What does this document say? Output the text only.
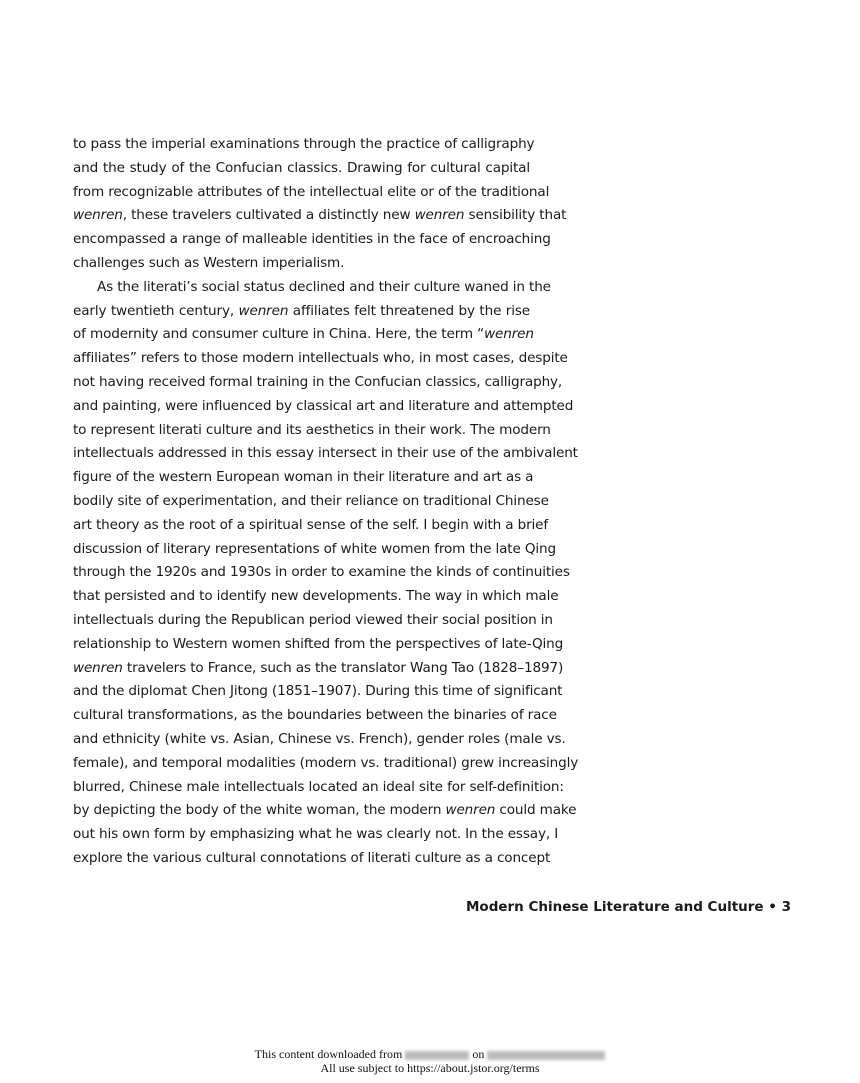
to pass the imperial examinations through the practice of calligraphy
and the study of the Confucian classics. Drawing for cultural capital
from recognizable attributes of the intellectual elite or of the traditional
wenren, these travelers cultivated a distinctly new wenren sensibility that
encompassed a range of malleable identities in the face of encroaching
challenges such as Western imperialism.
As the literati’s social status declined and their culture waned in the
early twentieth century, wenren affiliates felt threatened by the rise
of modernity and consumer culture in China. Here, the term “wenren
affiliates” refers to those modern intellectuals who, in most cases, despite
not having received formal training in the Confucian classics, calligraphy,
and painting, were influenced by classical art and literature and attempted
to represent literati culture and its aesthetics in their work. The modern
intellectuals addressed in this essay intersect in their use of the ambivalent
figure of the western European woman in their literature and art as a
bodily site of experimentation, and their reliance on traditional Chinese
art theory as the root of a spiritual sense of the self. I begin with a brief
discussion of literary representations of white women from the late Qing
through the 1920s and 1930s in order to examine the kinds of continuities
that persisted and to identify new developments. The way in which male
intellectuals during the Republican period viewed their social position in
relationship to Western women shifted from the perspectives of late-Qing
wenren travelers to France, such as the translator Wang Tao (1828–1897)
and the diplomat Chen Jitong (1851–1907). During this time of significant
cultural transformations, as the boundaries between the binaries of race
and ethnicity (white vs. Asian, Chinese vs. French), gender roles (male vs.
female), and temporal modalities (modern vs. traditional) grew increasingly
blurred, Chinese male intellectuals located an ideal site for self-definition:
by depicting the body of the white woman, the modern wenren could make
out his own form by emphasizing what he was clearly not. In the essay, I
explore the various cultural connotations of literati culture as a concept
Modern Chinese Literature and Culture • 3
This content downloaded from	on
All use subject to https://about.jstor.org/terms
